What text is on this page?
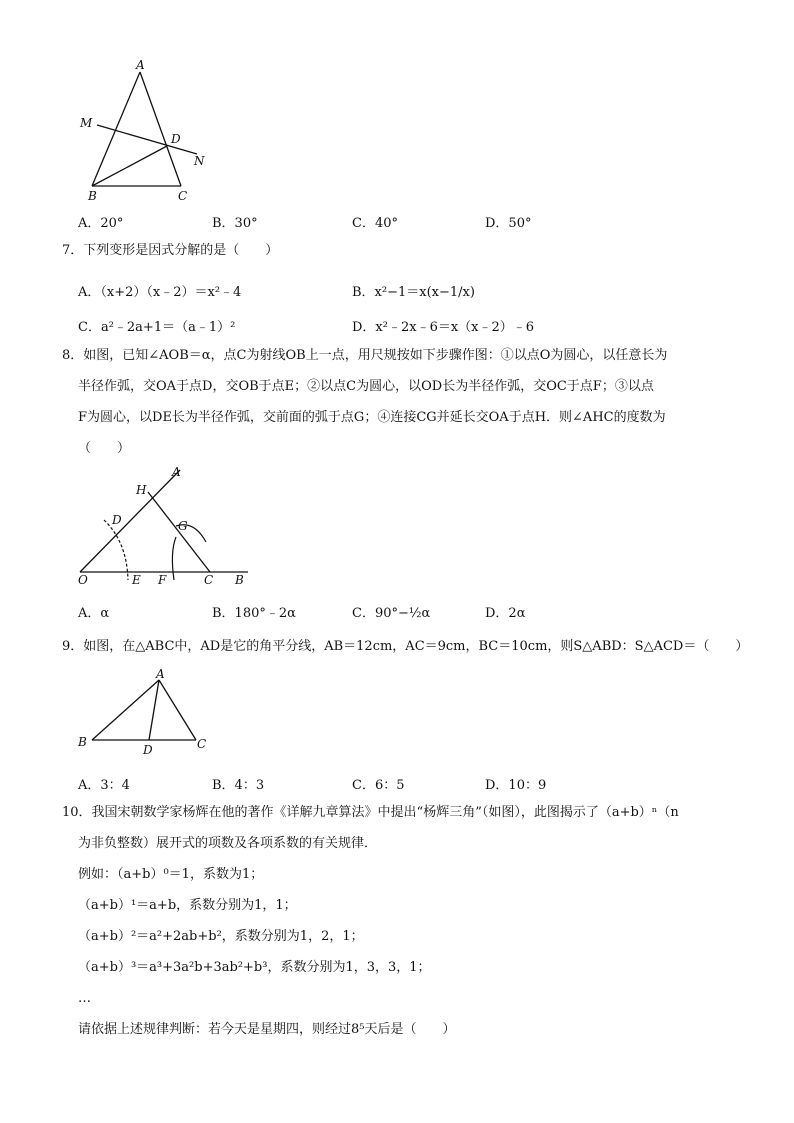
A
M
D
N
B	C
A．20°	B．30°	C．40°	D．50°
7．下列变形是因式分解的是（　　）
A．（x+2）（x﹣2）＝x²﹣4	B．x²−1＝x(x−1/x)
C．a²﹣2a+1＝（a﹣1）²	D．x²﹣2x﹣6＝x（x﹣2）﹣6
8．如图，已知∠AOB＝α，点C为射线OB上一点，用尺规按如下步骤作图：①以点O为圆心，以任意长为
半径作弧，交OA于点D，交OB于点E；②以点C为圆心，以OD长为半径作弧，交OC于点F；③以点
F为圆心，以DE长为半径作弧，交前面的弧于点G；④连接CG并延长交OA于点H．则∠AHC的度数为
（　　）
A
H
D	G
O	E F	C B
A．α	B．180°﹣2α	C．90°−½α	D．2α
9．如图，在△ABC中，AD是它的角平分线，AB＝12cm，AC＝9cm，BC＝10cm，则S△ABD：S△ACD＝（　　）
A
B
D	C
A．3：4	B．4：3	C．6：5	D．10：9
10．我国宋朝数学家杨辉在他的著作《详解九章算法》中提出“杨辉三角”（如图），此图揭示了（a+b）ⁿ（n
为非负整数）展开式的项数及各项系数的有关规律．
例如：（a+b）⁰＝1，系数为1；
（a+b）¹＝a+b，系数分别为1，1；
（a+b）²＝a²+2ab+b²，系数分别为1，2，1；
（a+b）³＝a³+3a²b+3ab²+b³，系数分别为1，3，3，1；
…
请依据上述规律判断：若今天是星期四，则经过8⁵天后是（　　）
